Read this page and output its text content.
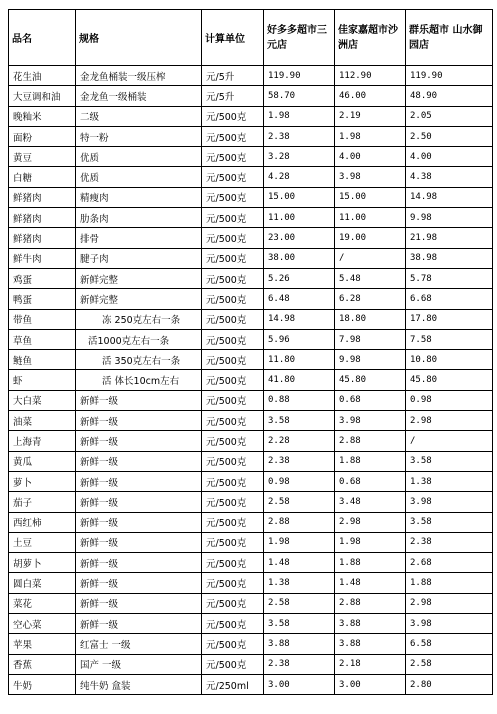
品名	规格	计算单位	好多多超市三元店	佳家嘉超市沙洲店	群乐超市 山水御园店
花生油	金龙鱼桶装一级压榨	元/5升	119.90	112.90	119.90
大豆调和油	金龙鱼一级桶装	元/5升	58.70	46.00	48.90
晚籼米	二级	元/500克	1.98	2.19	2.05
面粉	特一粉	元/500克	2.38	1.98	2.50
黄豆	优质	元/500克	3.28	4.00	4.00
白糖	优质	元/500克	4.28	3.98	4.38
鲜猪肉	精瘦肉	元/500克	15.00	15.00	14.98
鲜猪肉	肋条肉	元/500克	11.00	11.00	9.98
鲜猪肉	排骨	元/500克	23.00	19.00	21.98
鲜牛肉	腱子肉	元/500克	38.00	/	38.98
鸡蛋	新鲜完整	元/500克	5.26	5.48	5.78
鸭蛋	新鲜完整	元/500克	6.48	6.28	6.68
带鱼	冻 250克左右一条	元/500克	14.98	18.80	17.80
草鱼	活1000克左右一条	元/500克	5.96	7.98	7.58
鲢鱼	活 350克左右一条	元/500克	11.80	9.98	10.80
虾	活 体长10cm左右	元/500克	41.80	45.80	45.80
大白菜	新鲜一级	元/500克	0.88	0.68	0.98
油菜	新鲜一级	元/500克	3.58	3.98	2.98
上海青	新鲜一级	元/500克	2.28	2.88	/
黄瓜	新鲜一级	元/500克	2.38	1.88	3.58
萝卜	新鲜一级	元/500克	0.98	0.68	1.38
茄子	新鲜一级	元/500克	2.58	3.48	3.98
西红柿	新鲜一级	元/500克	2.88	2.98	3.58
土豆	新鲜一级	元/500克	1.98	1.98	2.38
胡萝卜	新鲜一级	元/500克	1.48	1.88	2.68
圆白菜	新鲜一级	元/500克	1.38	1.48	1.88
菜花	新鲜一级	元/500克	2.58	2.88	2.98
空心菜	新鲜一级	元/500克	3.58	3.88	3.98
苹果	红富士 一级	元/500克	3.88	3.88	6.58
香蕉	国产 一级	元/500克	2.38	2.18	2.58
牛奶	纯牛奶 盒装	元/250ml	3.00	3.00	2.80
